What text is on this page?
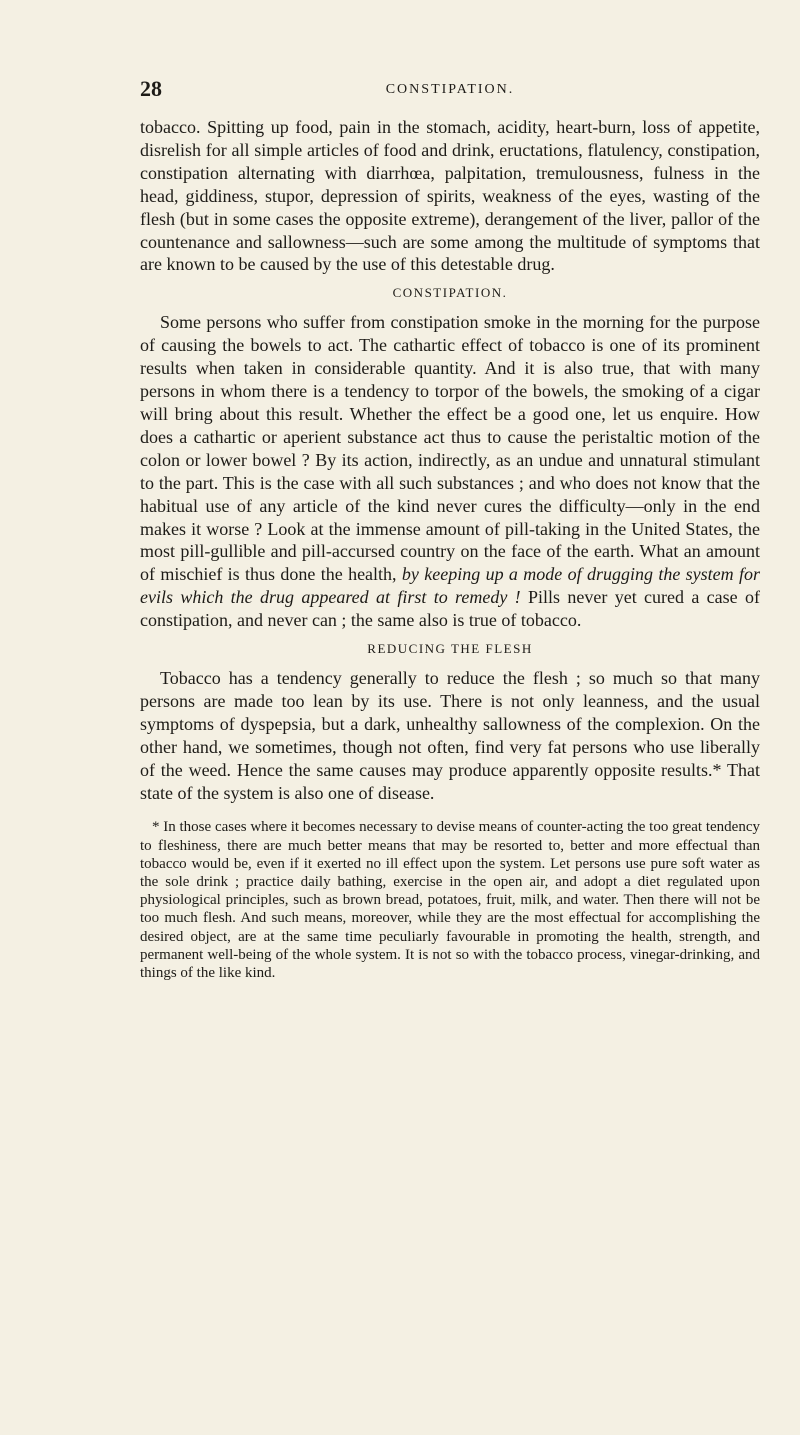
28	CONSTIPATION.

tobacco. Spitting up food, pain in the stomach, acidity, heart-burn, loss of appetite, disrelish for all simple articles of food and drink, eructations, flatulency, constipation, constipation alternating with diarrhœa, palpitation, tremulousness, fulness in the head, giddiness, stupor, depression of spirits, weakness of the eyes, wasting of the flesh (but in some cases the opposite extreme), derangement of the liver, pallor of the countenance and sallowness—such are some among the multitude of symptoms that are known to be caused by the use of this detestable drug.

CONSTIPATION.

Some persons who suffer from constipation smoke in the morning for the purpose of causing the bowels to act. The cathartic effect of tobacco is one of its prominent results when taken in considerable quantity. And it is also true, that with many persons in whom there is a tendency to torpor of the bowels, the smoking of a cigar will bring about this result. Whether the effect be a good one, let us enquire. How does a cathartic or aperient substance act thus to cause the peristaltic motion of the colon or lower bowel ? By its action, indirectly, as an undue and unnatural stimulant to the part. This is the case with all such substances ; and who does not know that the habitual use of any article of the kind never cures the difficulty—only in the end makes it worse ? Look at the immense amount of pill-taking in the United States, the most pill-gullible and pill-accursed country on the face of the earth. What an amount of mischief is thus done the health, by keeping up a mode of drugging the system for evils which the drug appeared at first to remedy ! Pills never yet cured a case of constipation, and never can ; the same also is true of tobacco.

REDUCING THE FLESH

Tobacco has a tendency generally to reduce the flesh ; so much so that many persons are made too lean by its use. There is not only leanness, and the usual symptoms of dyspepsia, but a dark, unhealthy sallowness of the complexion. On the other hand, we sometimes, though not often, find very fat persons who use liberally of the weed. Hence the same causes may produce apparently opposite results.* That state of the system is also one of disease.

* In those cases where it becomes necessary to devise means of counter-acting the too great tendency to fleshiness, there are much better means that may be resorted to, better and more effectual than tobacco would be, even if it exerted no ill effect upon the system. Let persons use pure soft water as the sole drink ; practice daily bathing, exercise in the open air, and adopt a diet regulated upon physiological principles, such as brown bread, potatoes, fruit, milk, and water. Then there will not be too much flesh. And such means, moreover, while they are the most effectual for accomplishing the desired object, are at the same time peculiarly favourable in promoting the health, strength, and permanent well-being of the whole system. It is not so with the tobacco process, vinegar-drinking, and things of the like kind.
